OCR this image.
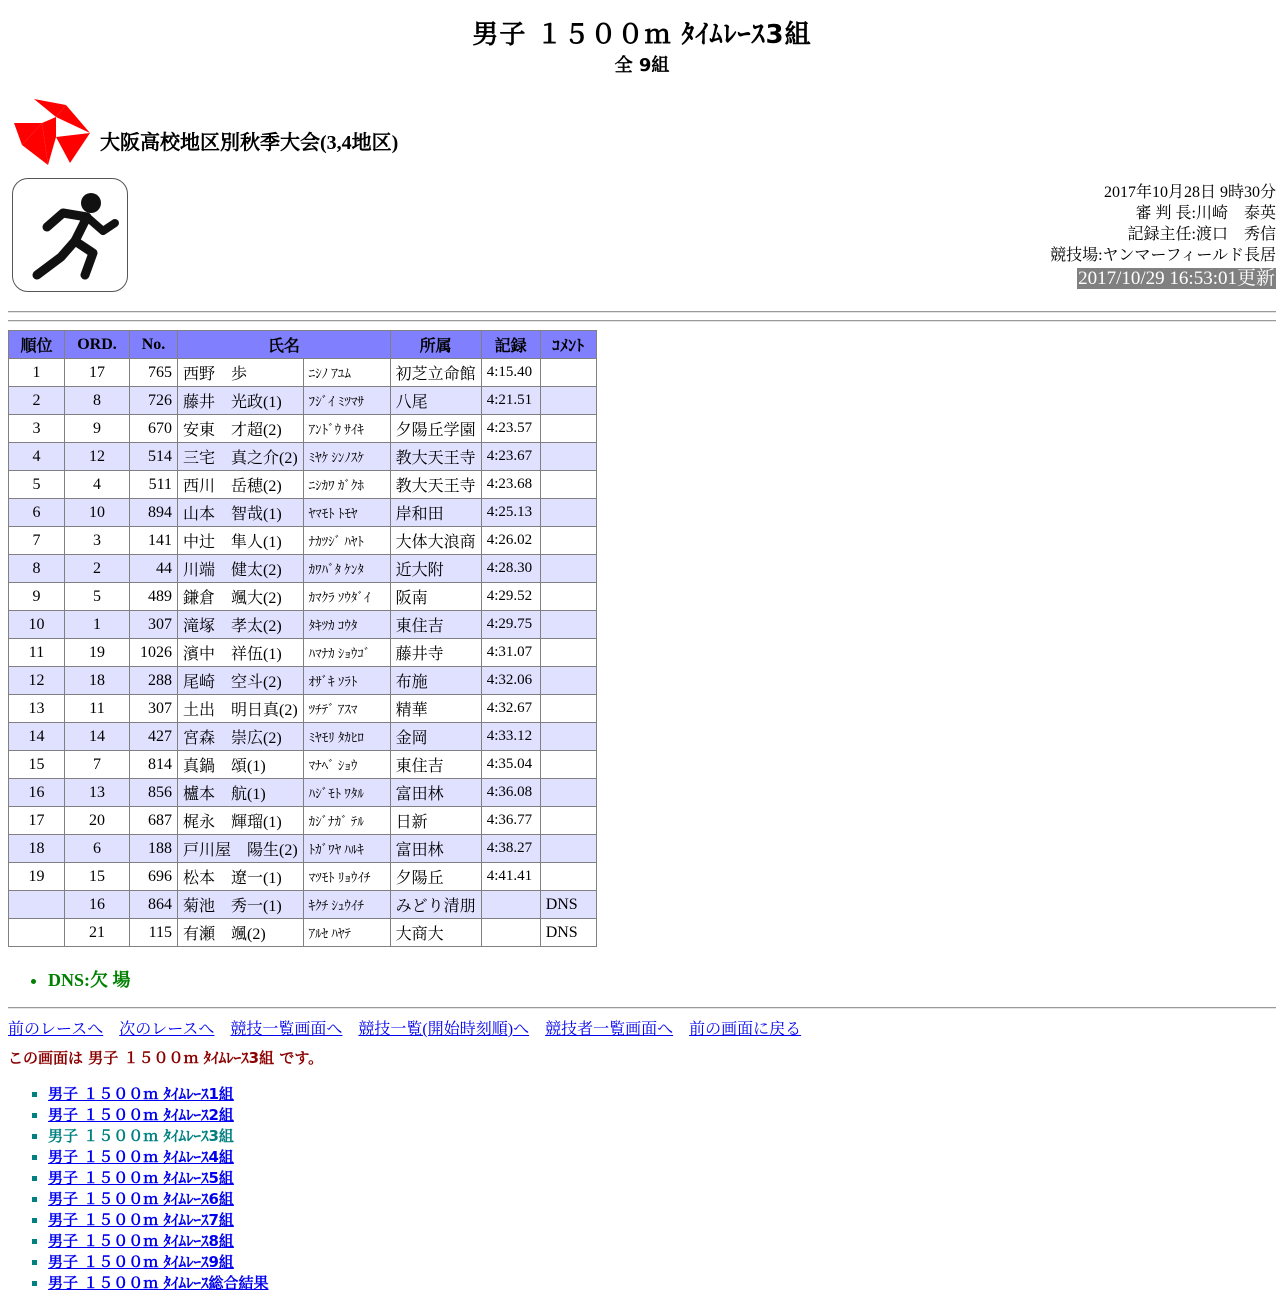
男子 １５００ｍ ﾀｲﾑﾚｰｽ3組
全 9組
大阪高校地区別秋季大会(3,4地区)
2017年10月28日 9時30分
審 判 長:川崎　泰英
記録主任:渡口　秀信
競技場:ヤンマーフィールド長居
2017/10/29 16:53:01更新
順位	ORD.	No.	氏名		所属	記録	ｺﾒﾝﾄ
1	17	765	西野　歩	ﾆｼﾉ ｱﾕﾑ	初芝立命館	4:15.40	
2	8	726	藤井　光政(1)	ﾌｼﾞｲ ﾐﾂﾏｻ	八尾	4:21.51	
3	9	670	安東　才超(2)	ｱﾝﾄﾞｳ ｻｲｷ	夕陽丘学園	4:23.57	
4	12	514	三宅　真之介(2)	ﾐﾔｹ ｼﾝﾉｽｹ	教大天王寺	4:23.67	
5	4	511	西川　岳穂(2)	ﾆｼｶﾜ ｶﾞｸﾎ	教大天王寺	4:23.68	
6	10	894	山本　智哉(1)	ﾔﾏﾓﾄ ﾄﾓﾔ	岸和田	4:25.13	
7	3	141	中辻　隼人(1)	ﾅｶﾂｼﾞ ﾊﾔﾄ	大体大浪商	4:26.02	
8	2	44	川端　健太(2)	ｶﾜﾊﾞﾀ ｹﾝﾀ	近大附	4:28.30	
9	5	489	鎌倉　颯大(2)	ｶﾏｸﾗ ｿｳﾀﾞｲ	阪南	4:29.52	
10	1	307	滝塚　孝太(2)	ﾀｷﾂｶ ｺｳﾀ	東住吉	4:29.75	
11	19	1026	濱中　祥伍(1)	ﾊﾏﾅｶ ｼｮｳｺﾞ	藤井寺	4:31.07	
12	18	288	尾崎　空斗(2)	ｵｻﾞｷ ｿﾗﾄ	布施	4:32.06	
13	11	307	土出　明日真(2)	ﾂﾁﾃﾞ ｱｽﾏ	精華	4:32.67	
14	14	427	宮森　崇広(2)	ﾐﾔﾓﾘ ﾀｶﾋﾛ	金岡	4:33.12	
15	7	814	真鍋　頌(1)	ﾏﾅﾍﾞ ｼｮｳ	東住吉	4:35.04	
16	13	856	櫨本　航(1)	ﾊｼﾞﾓﾄ ﾜﾀﾙ	富田林	4:36.08	
17	20	687	梶永　輝瑠(1)	ｶｼﾞﾅｶﾞ ﾃﾙ	日新	4:36.77	
18	6	188	戸川屋　陽生(2)	ﾄｶﾞﾜﾔ ﾊﾙｷ	富田林	4:38.27	
19	15	696	松本　遼一(1)	ﾏﾂﾓﾄ ﾘｮｳｲﾁ	夕陽丘	4:41.41	
	16	864	菊池　秀一(1)	ｷｸﾁ ｼｭｳｲﾁ	みどり清朋		DNS
	21	115	有瀬　颯(2)	ｱﾙｾ ﾊﾔﾃ	大商大		DNS
• DNS:欠 場
前のレースへ 次のレースへ 競技一覧画面へ 競技一覧(開始時刻順)へ 競技者一覧画面へ 前の画面に戻る
この画面は 男子 １５００ｍ ﾀｲﾑﾚｰｽ3組 です。
▪ 男子 １５００ｍ ﾀｲﾑﾚｰｽ1組
▪ 男子 １５００ｍ ﾀｲﾑﾚｰｽ2組
▪ 男子 １５００ｍ ﾀｲﾑﾚｰｽ3組
▪ 男子 １５００ｍ ﾀｲﾑﾚｰｽ4組
▪ 男子 １５００ｍ ﾀｲﾑﾚｰｽ5組
▪ 男子 １５００ｍ ﾀｲﾑﾚｰｽ6組
▪ 男子 １５００ｍ ﾀｲﾑﾚｰｽ7組
▪ 男子 １５００ｍ ﾀｲﾑﾚｰｽ8組
▪ 男子 １５００ｍ ﾀｲﾑﾚｰｽ9組
▪ 男子 １５００ｍ ﾀｲﾑﾚｰｽ総合結果
